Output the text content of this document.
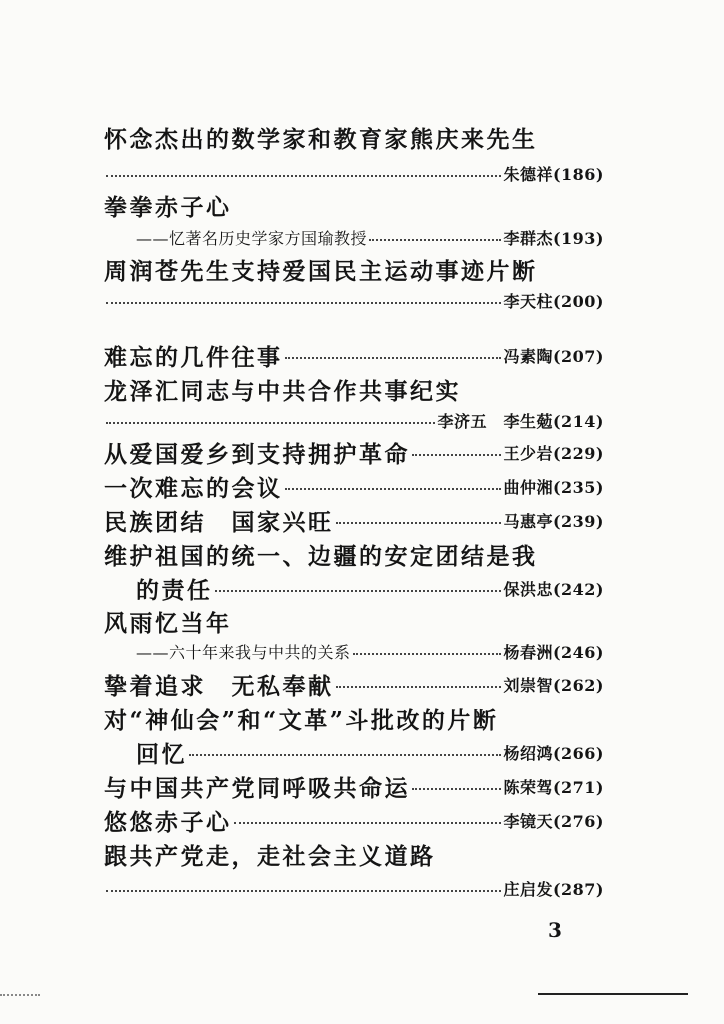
怀念杰出的数学家和教育家熊庆来先生
朱德祥(186)
拳拳赤子心
——忆著名历史学家方国瑜教授	李群杰(193)
周润苍先生支持爱国民主运动事迹片断
李天柱(200)
难忘的几件往事	冯素陶(207)
龙泽汇同志与中共合作共事纪实
李济五　李生葂(214)
从爱国爱乡到支持拥护革命	王少岩(229)
一次难忘的会议	曲仲湘(235)
民族团结　国家兴旺	马惠亭(239)
维护祖国的统一、边疆的安定团结是我
的责任	保洪忠(242)
风雨忆当年
——六十年来我与中共的关系	杨春洲(246)
挚着追求　无私奉献	刘崇智(262)
对“神仙会”和“文革”斗批改的片断
回忆	杨绍鸿(266)
与中国共产党同呼吸共命运	陈荣驾(271)
悠悠赤子心	李镜天(276)
跟共产党走，走社会主义道路
庄启发(287)
3
